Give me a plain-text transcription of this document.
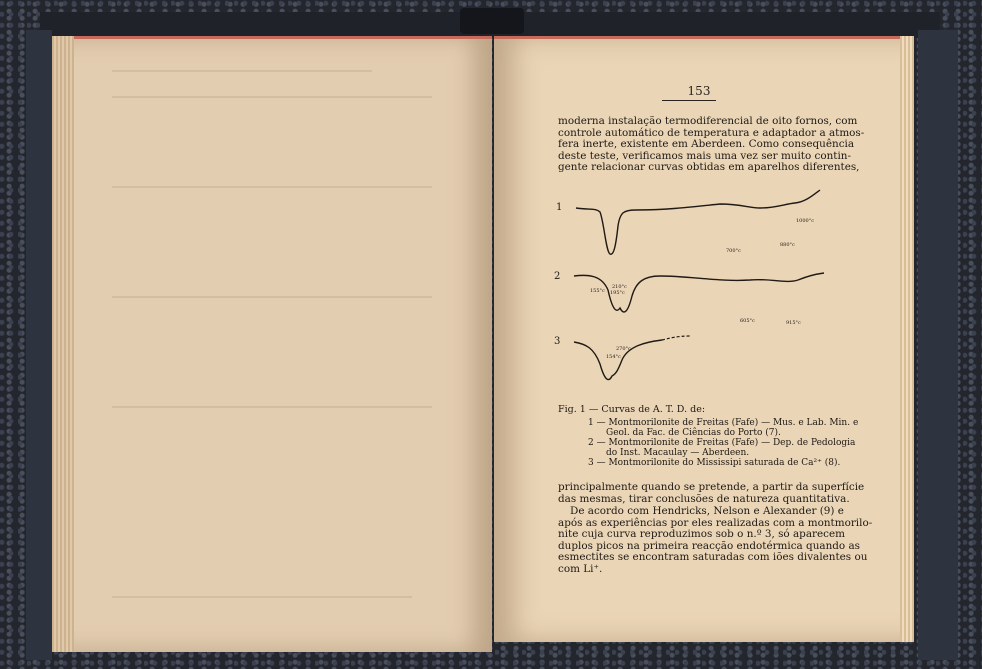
153
moderna instalação termodiferencial de oito fornos, com
controle automático de temperatura e adaptador a atmos-
fera inerte, existente em Aberdeen. Como consequência
deste teste, verificamos mais uma vez ser muito contin-
gente relacionar curvas obtidas em aparelhos diferentes,
1
155°c
210°c
195°c
700°c
880°c
1000°c
2
270°c
154°c
605°c	915°c
3
Fig. 1 — Curvas de A. T. D. de:
1 — Montmorilonite de Freitas (Fafe) — Mus. e Lab. Min. e
Geol. da Fac. de Ciências do Porto (7).
2 — Montmorilonite de Freitas (Fafe) — Dep. de Pedologia
do Inst. Macaulay — Aberdeen.
3 — Montmorilonite do Mississipi saturada de Ca²⁺ (8).
principalmente quando se pretende, a partir da superfície
das mesmas, tirar conclusões de natureza quantitativa.
De acordo com Hendricks, Nelson e Alexander (9) e
após as experiências por eles realizadas com a montmorilo-
nite cuja curva reproduzimos sob o n.º 3, só aparecem
duplos picos na primeira reacção endotérmica quando as
esmectites se encontram saturadas com iões divalentes ou
com Li⁺.
